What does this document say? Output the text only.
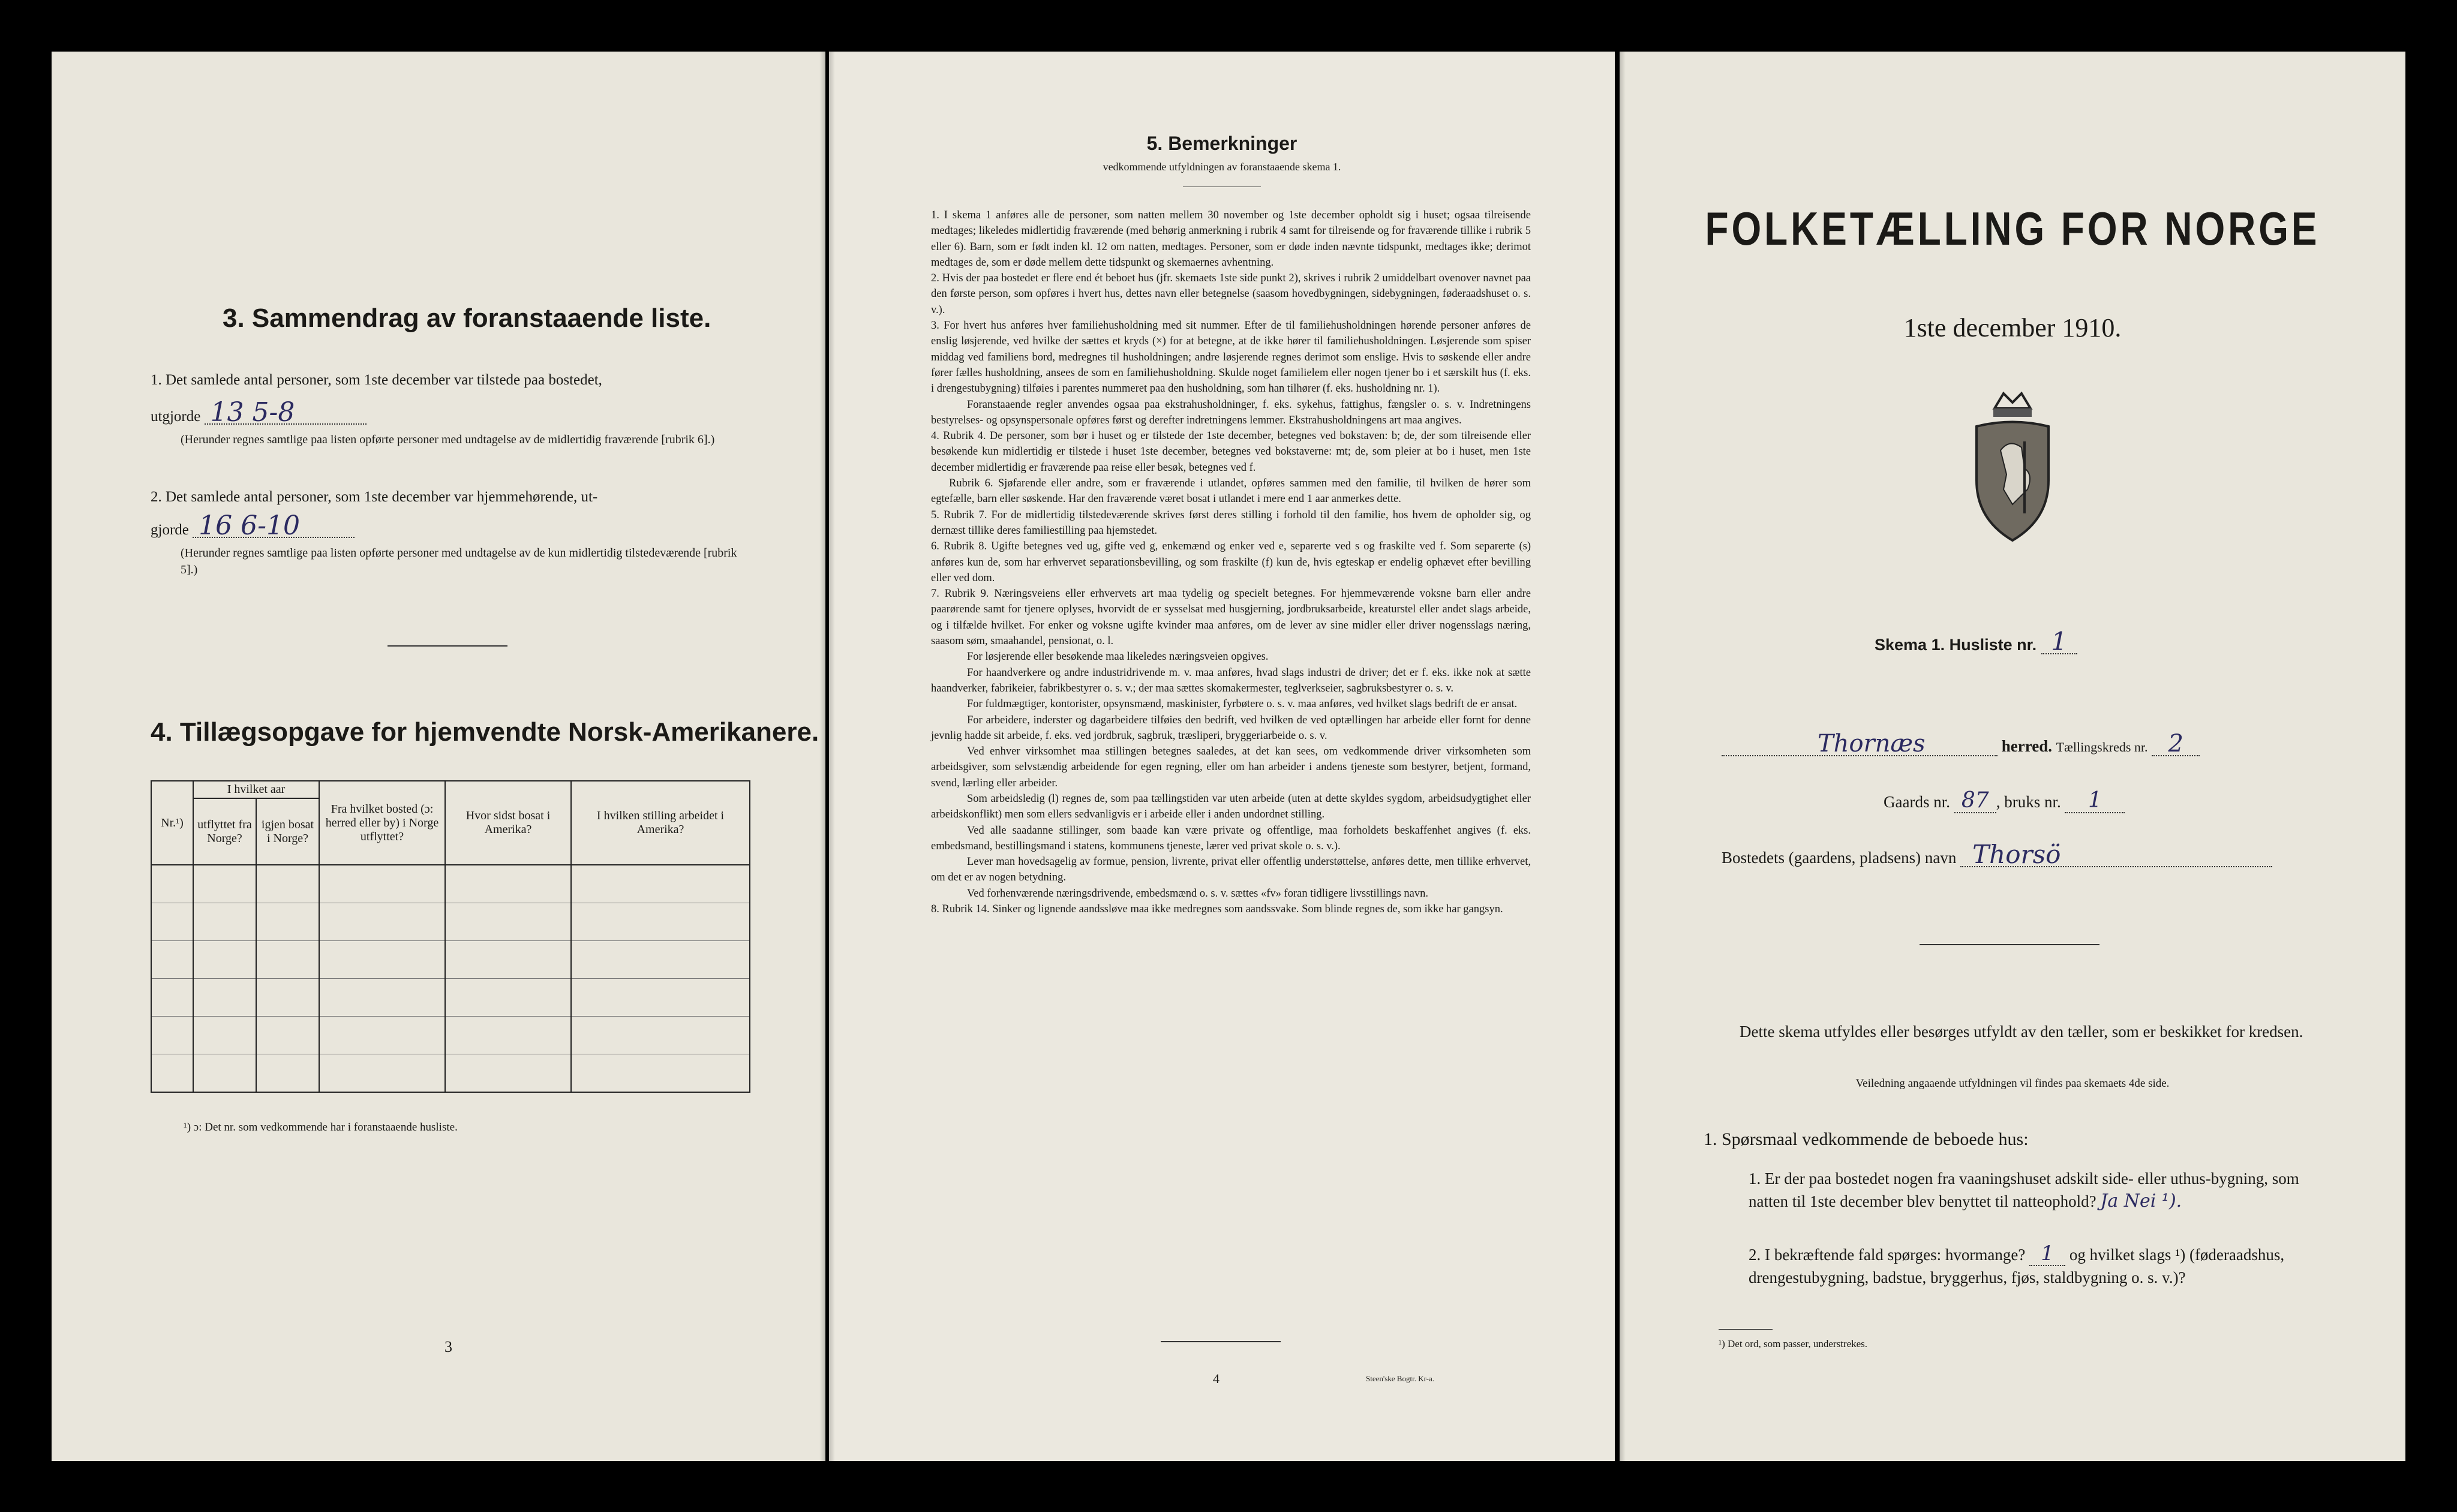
3. Sammendrag av foranstaaende liste.
1. Det samlede antal personer, som 1ste december var tilstede paa bostedet,
utgjorde 13 5-8
(Herunder regnes samtlige paa listen opførte personer med undtagelse av de midlertidig fraværende [rubrik 6].)
2. Det samlede antal personer, som 1ste december var hjemmehørende, ut-
gjorde 16 6-10
(Herunder regnes samtlige paa listen opførte personer med undtagelse av de kun midlertidig tilstedeværende [rubrik 5].)
4. Tillægsopgave for hjemvendte Norsk-Amerikanere.
Nr.¹)	I hvilket aar		Fra hvilket bosted (ɔ: herred eller by) i Norge utflyttet?	Hvor sidst bosat i Amerika?	I hvilken stilling arbeidet i Amerika?
	utflyttet fra Norge?	igjen bosat i Norge?			

¹) ɔ: Det nr. som vedkommende har i foranstaaende husliste.
3
5. Bemerkninger
vedkommende utfyldningen av foranstaaende skema 1.

1. I skema 1 anføres alle de personer, som natten mellem 30 november og 1ste december opholdt sig i huset; ogsaa tilreisende medtages; likeledes midlertidig fraværende (med behørig anmerkning i rubrik 4 samt for tilreisende og for fraværende tillike i rubrik 5 eller 6). Barn, som er født inden kl. 12 om natten, medtages. Personer, som er døde inden nævnte tidspunkt, medtages ikke; derimot medtages de, som er døde mellem dette tidspunkt og skemaernes avhentning.

2. Hvis der paa bostedet er flere end ét beboet hus (jfr. skemaets 1ste side punkt 2), skrives i rubrik 2 umiddelbart ovenover navnet paa den første person, som opføres i hvert hus, dettes navn eller betegnelse (saasom hovedbygningen, sidebygningen, føderaadshuset o. s. v.).

3. For hvert hus anføres hver familiehusholdning med sit nummer. Efter de til familiehusholdningen hørende personer anføres de enslig løsjerende, ved hvilke der sættes et kryds (×) for at betegne, at de ikke hører til familiehusholdningen. Løsjerende som spiser middag ved familiens bord, medregnes til husholdningen; andre løsjerende regnes derimot som enslige. Hvis to søskende eller andre fører fælles husholdning, ansees de som en familiehusholdning. Skulde noget familielem eller nogen tjener bo i et særskilt hus (f. eks. i drengestubygning) tilføies i parentes nummeret paa den husholdning, som han tilhører (f. eks. husholdning nr. 1).

Foranstaaende regler anvendes ogsaa paa ekstrahusholdninger, f. eks. sykehus, fattighus, fængsler o. s. v. Indretningens bestyrelses- og opsynspersonale opføres først og derefter indretningens lemmer. Ekstrahusholdningens art maa angives.

4. Rubrik 4. De personer, som bør i huset og er tilstede der 1ste december, betegnes ved bokstaven: b; de, der som tilreisende eller besøkende kun midlertidig er tilstede i huset 1ste december, betegnes ved bokstaverne: mt; de, som pleier at bo i huset, men 1ste december midlertidig er fraværende paa reise eller besøk, betegnes ved f.

Rubrik 6. Sjøfarende eller andre, som er fraværende i utlandet, opføres sammen med den familie, til hvilken de hører som egtefælle, barn eller søskende. Har den fraværende været bosat i utlandet i mere end 1 aar anmerkes dette.

5. Rubrik 7. For de midlertidig tilstedeværende skrives først deres stilling i forhold til den familie, hos hvem de opholder sig, og dernæst tillike deres familiestilling paa hjemstedet.

6. Rubrik 8. Ugifte betegnes ved ug, gifte ved g, enkemænd og enker ved e, separerte ved s og fraskilte ved f. Som separerte (s) anføres kun de, som har erhvervet separationsbevilling, og som fraskilte (f) kun de, hvis egteskap er endelig ophævet efter bevilling eller ved dom.

7. Rubrik 9. Næringsveiens eller erhvervets art maa tydelig og specielt betegnes. For hjemmeværende voksne barn eller andre paarørende samt for tjenere oplyses, hvorvidt de er sysselsat med husgjerning, jordbruksarbeide, kreaturstel eller andet slags arbeide, og i tilfælde hvilket. For enker og voksne ugifte kvinder maa anføres, om de lever av sine midler eller driver nogensslags næring, saasom søm, smaahandel, pensionat, o. l.

For løsjerende eller besøkende maa likeledes næringsveien opgives.

For haandverkere og andre industridrivende m. v. maa anføres, hvad slags industri de driver; det er f. eks. ikke nok at sætte haandverker, fabrikeier, fabrikbestyrer o. s. v.; der maa sættes skomakermester, teglverkseier, sagbruksbestyrer o. s. v.

For fuldmægtiger, kontorister, opsynsmænd, maskinister, fyrbøtere o. s. v. maa anføres, ved hvilket slags bedrift de er ansat.

For arbeidere, inderster og dagarbeidere tilføies den bedrift, ved hvilken de ved optællingen har arbeide eller fornt for denne jevnlig hadde sit arbeide, f. eks. ved jordbruk, sagbruk, træsliperi, bryggeriarbeide o. s. v.

Ved enhver virksomhet maa stillingen betegnes saaledes, at det kan sees, om vedkommende driver virksomheten som arbeidsgiver, som selvstændig arbeidende for egen regning, eller om han arbeider i andens tjeneste som bestyrer, betjent, formand, svend, lærling eller arbeider.

Som arbeidsledig (l) regnes de, som paa tællingstiden var uten arbeide (uten at dette skyldes sygdom, arbeidsudygtighet eller arbeidskonflikt) men som ellers sedvanligvis er i arbeide eller i anden undordnet stilling.

Ved alle saadanne stillinger, som baade kan være private og offentlige, maa forholdets beskaffenhet angives (f. eks. embedsmand, bestillingsmand i statens, kommunens tjeneste, lærer ved privat skole o. s. v.).

Lever man hovedsagelig av formue, pension, livrente, privat eller offentlig understøttelse, anføres dette, men tillike erhvervet, om det er av nogen betydning.

Ved forhenværende næringsdrivende, embedsmænd o. s. v. sættes «fv» foran tidligere livsstillings navn.

8. Rubrik 14. Sinker og lignende aandssløve maa ikke medregnes som aandssvake. Som blinde regnes de, som ikke har gangsyn.

4	Steen'ske Bogtr. Kr-a.
FOLKETÆLLING FOR NORGE
1ste december 1910.
Skema 1. Husliste nr. 1
Thornæs	herred. Tællingskreds nr. 2
Gaards nr. 87 , bruks nr. 1
Bostedets (gaardens, pladsens) navn Thorsö
Dette skema utfyldes eller besørges utfyldt av den tæller, som er beskikket for kredsen.
Veiledning angaaende utfyldningen vil findes paa skemaets 4de side.
1. Spørsmaal vedkommende de beboede hus:
1. Er der paa bostedet nogen fra vaaningshuset adskilt side- eller uthus-bygning, som natten til 1ste december blev benyttet til natteophold? Ja Nei ¹).
2. I bekræftende fald spørges: hvormange? 1 og hvilket slags ¹) (føderaadshus, drengestubygning, badstue, bryggerhus, fjøs, staldbygning o. s. v.)?
¹) Det ord, som passer, understrekes.
